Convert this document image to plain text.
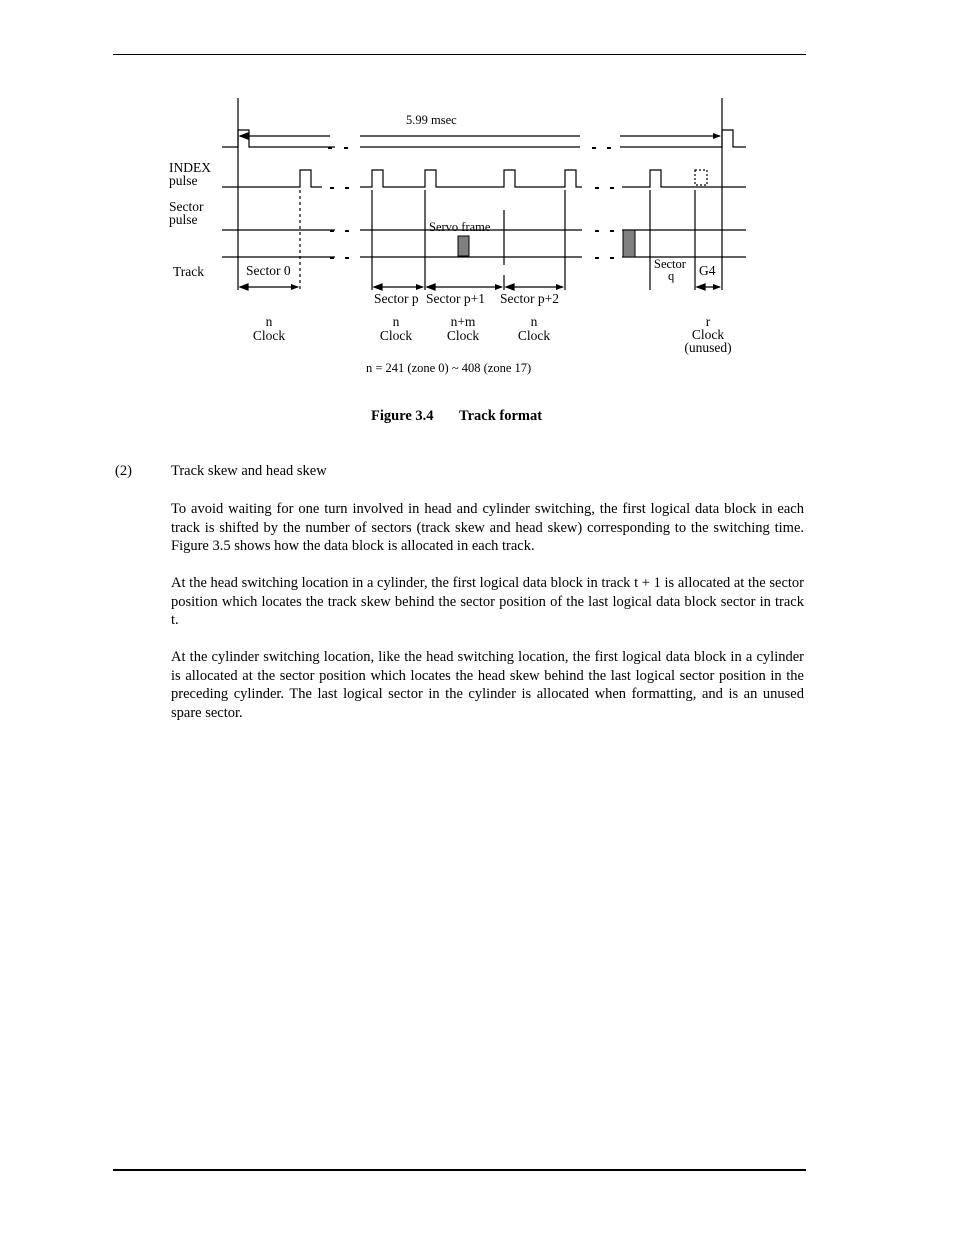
5.99 msec
INDEX
pulse
Sector
pulse
Track
Servo frame
Sector 0
Sector p Sector p+1 Sector p+2
Sector
q G4
n
Clock
n
Clock
n+m
Clock
n
Clock
r
Clock
(unused)
n = 241 (zone 0) ~ 408 (zone 17)
Figure 3.4 Track format
(2)	Track skew and head skew

To avoid waiting for one turn involved in head and cylinder switching, the first logical data block in each track is shifted by the number of sectors (track skew and head skew) corresponding to the switching time. Figure 3.5 shows how the data block is allocated in each track.

At the head switching location in a cylinder, the first logical data block in track t + 1 is allocated at the sector position which locates the track skew behind the sector position of the last logical data block sector in track t.

At the cylinder switching location, like the head switching location, the first logical data block in a cylinder is allocated at the sector position which locates the head skew behind the last logical sector position in the preceding cylinder. The last logical sector in the cylinder is allocated when formatting, and is an unused spare sector.
